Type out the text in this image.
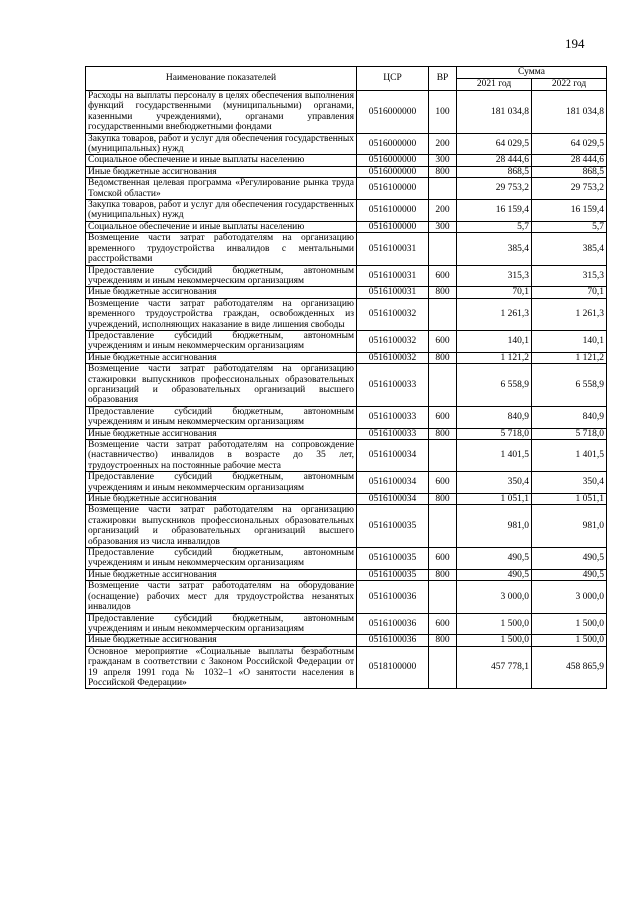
194
Наименование показателей	ЦСР	ВР	Сумма	
			2021 год	2022 год
Расходы на выплаты персоналу в целях обеспечения выполнения функций государственными (муниципальными) органами, казенными учреждениями), органами управления государственными внебюджетными фондами	0516000000	100	181 034,8	181 034,8
Закупка товаров, работ и услуг для обеспечения государственных (муниципальных) нужд	0516000000	200	64 029,5	64 029,5
Социальное обеспечение и иные выплаты населению	0516000000	300	28 444,6	28 444,6
Иные бюджетные ассигнования	0516000000	800	868,5	868,5
Ведомственная целевая программа «Регулирование рынка труда Томской области»	0516100000		29 753,2	29 753,2
Закупка товаров, работ и услуг для обеспечения государственных (муниципальных) нужд	0516100000	200	16 159,4	16 159,4
Социальное обеспечение и иные выплаты населению	0516100000	300	5,7	5,7
Возмещение части затрат работодателям на организацию временного трудоустройства инвалидов с ментальными расстройствами	0516100031		385,4	385,4
Предоставление субсидий бюджетным, автономным учреждениям и иным некоммерческим организациям	0516100031	600	315,3	315,3
Иные бюджетные ассигнования	0516100031	800	70,1	70,1
Возмещение части затрат работодателям на организацию временного трудоустройства граждан, освобожденных из учреждений, исполняющих наказание в виде лишения свободы	0516100032		1 261,3	1 261,3
Предоставление субсидий бюджетным, автономным учреждениям и иным некоммерческим организациям	0516100032	600	140,1	140,1
Иные бюджетные ассигнования	0516100032	800	1 121,2	1 121,2
Возмещение части затрат работодателям на организацию стажировки выпускников профессиональных образовательных организаций и образовательных организаций высшего образования	0516100033		6 558,9	6 558,9
Предоставление субсидий бюджетным, автономным учреждениям и иным некоммерческим организациям	0516100033	600	840,9	840,9
Иные бюджетные ассигнования	0516100033	800	5 718,0	5 718,0
Возмещение части затрат работодателям на сопровождение (наставничество) инвалидов в возрасте до 35 лет, трудоустроенных на постоянные рабочие места	0516100034		1 401,5	1 401,5
Предоставление субсидий бюджетным, автономным учреждениям и иным некоммерческим организациям	0516100034	600	350,4	350,4
Иные бюджетные ассигнования	0516100034	800	1 051,1	1 051,1
Возмещение части затрат работодателям на организацию стажировки выпускников профессиональных образовательных организаций и образовательных организаций высшего образования из числа инвалидов	0516100035		981,0	981,0
Предоставление субсидий бюджетным, автономным учреждениям и иным некоммерческим организациям	0516100035	600	490,5	490,5
Иные бюджетные ассигнования	0516100035	800	490,5	490,5
Возмещение части затрат работодателям на оборудование (оснащение) рабочих мест для трудоустройства незанятых инвалидов	0516100036		3 000,0	3 000,0
Предоставление субсидий бюджетным, автономным учреждениям и иным некоммерческим организациям	0516100036	600	1 500,0	1 500,0
Иные бюджетные ассигнования	0516100036	800	1 500,0	1 500,0
Основное мероприятие «Социальные выплаты безработным гражданам в соответствии с Законом Российской Федерации от 19 апреля 1991 года № 1032–1 «О занятости населения в Российской Федерации»	0518100000		457 778,1	458 865,9
